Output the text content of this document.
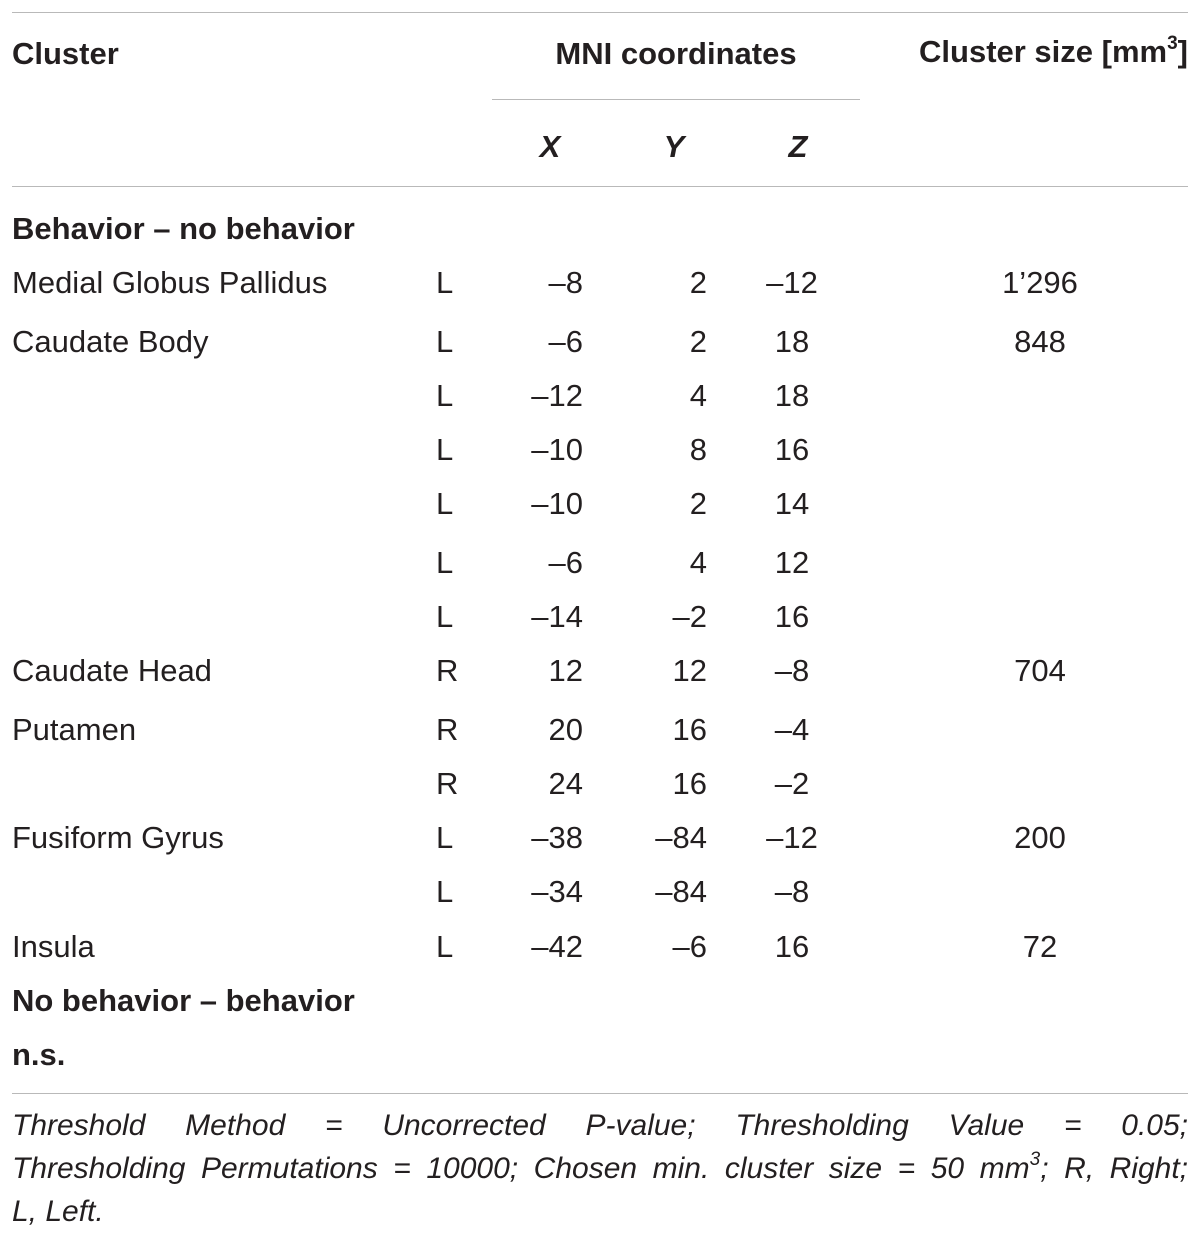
Cluster	MNI coordinates	Cluster size $[mm^3]$
X	Y	Z
Behavior – no behavior
Medial Globus Pallidus	L	–8	2	–12	1’296
Caudate Body	L	–6	2	18	848
L	–12	4	18
L	–10	8	16
L	–10	2	14
L	–6	4	12
L	–14	–2	16
Caudate Head	R	12	12	–8	704
Putamen	R	20	16	–4
R	24	16	–2
Fusiform Gyrus	L	–38	–84	–12	200
L	–34	–84	–8
Insula	L	–42	–6	16	72
No behavior – behavior
n.s.
Threshold Method = Uncorrected P-value; Thresholding Value = 0.05;
Thresholding Permutations = 10000; Chosen min. cluster size = 50 $mm^3$; R, Right;
L, Left.
